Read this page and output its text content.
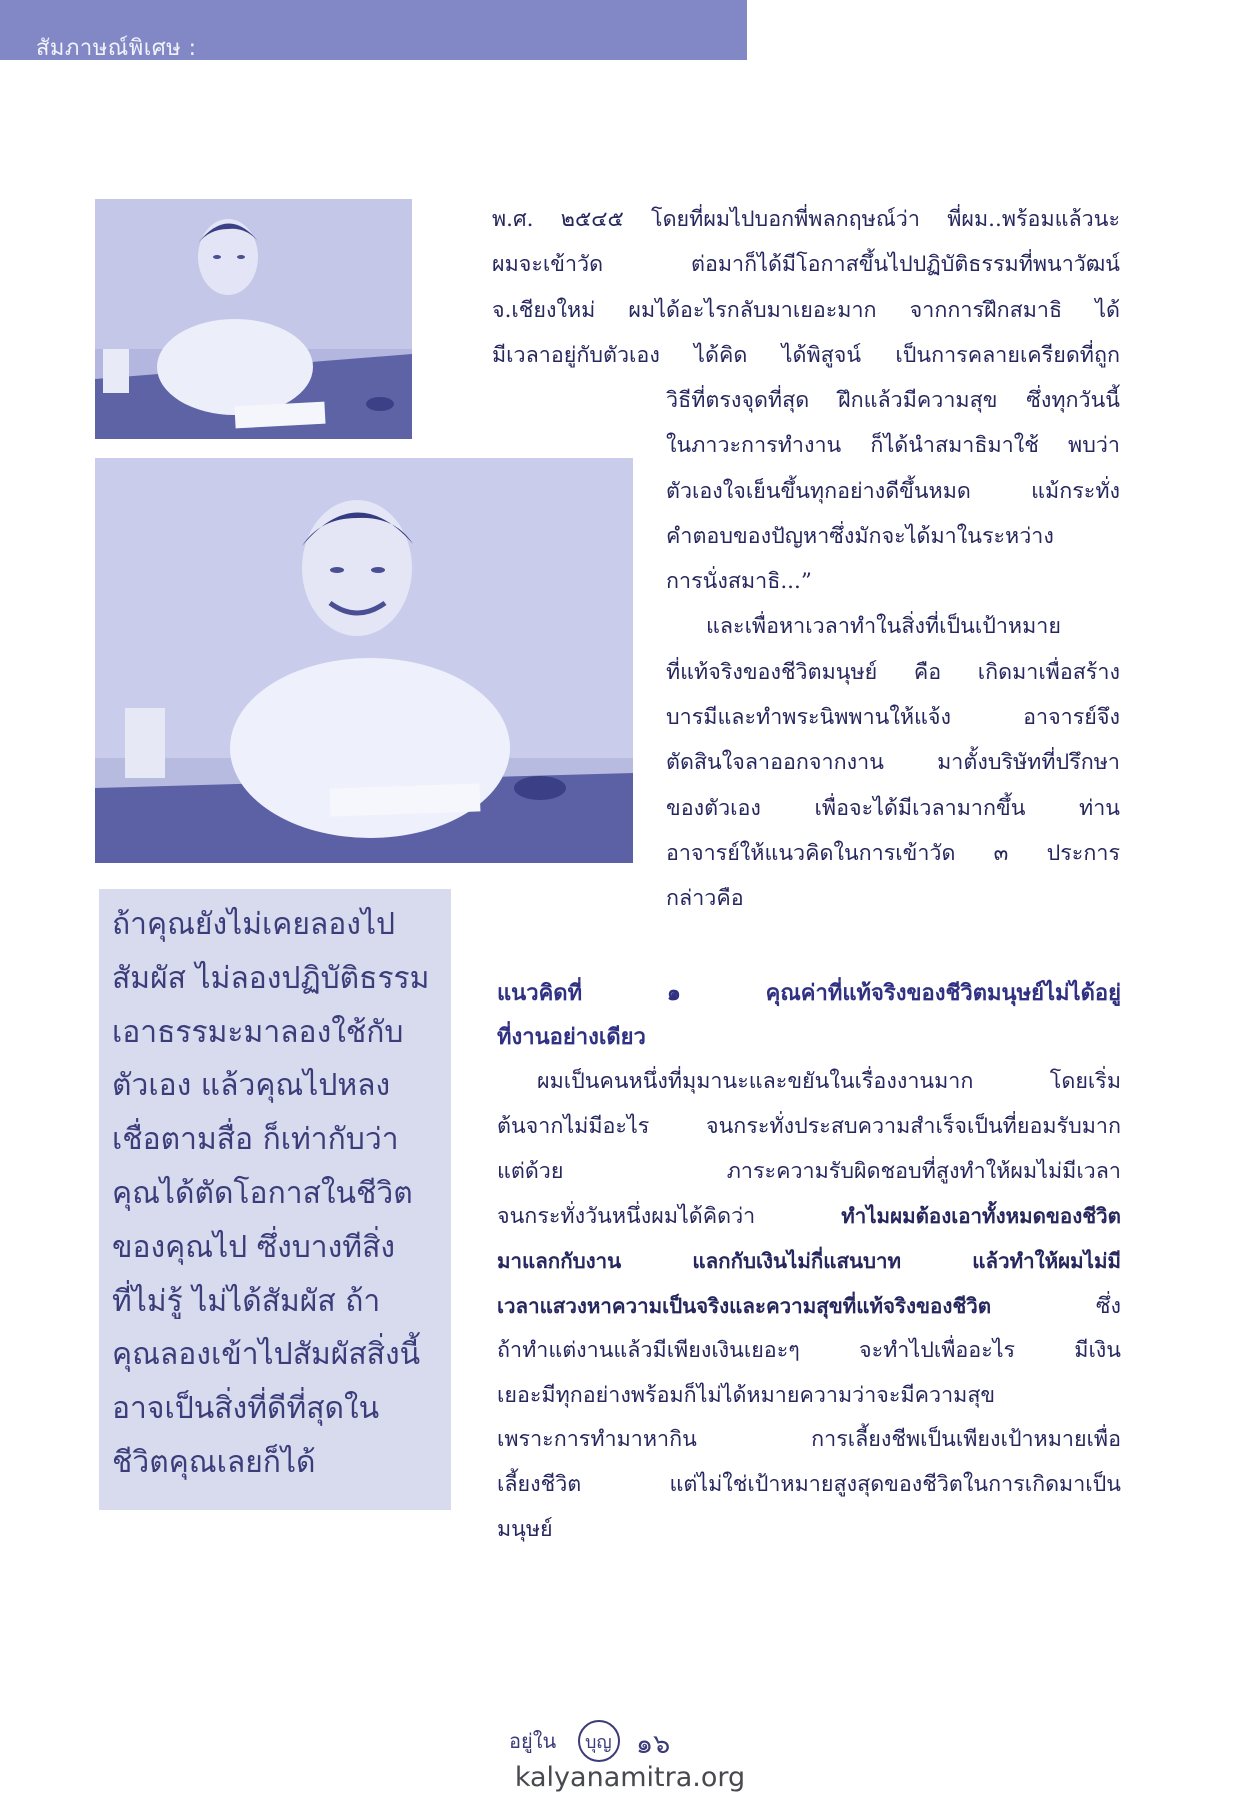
สัมภาษณ์พิเศษ :
ถ้าคุณยังไม่เคยลองไป
สัมผัส ไม่ลองปฏิบัติธรรม
เอาธรรมะมาลองใช้กับ
ตัวเอง แล้วคุณไปหลง
เชื่อตามสื่อ ก็เท่ากับว่า
คุณได้ตัดโอกาสในชีวิต
ของคุณไป ซึ่งบางทีสิ่ง
ที่ไม่รู้ ไม่ได้สัมผัส ถ้า
คุณลองเข้าไปสัมผัสสิ่งนี้
อาจเป็นสิ่งที่ดีที่สุดใน
ชีวิตคุณเลยก็ได้
พ.ศ. ๒๕๔๕ โดยที่ผมไปบอกพี่พลกฤษณ์ว่า พี่ผม..พร้อมแล้วนะ
ผมจะเข้าวัด ต่อมาก็ได้มีโอกาสขึ้นไปปฏิบัติธรรมที่พนาวัฒน์
จ.เชียงใหม่ ผมได้อะไรกลับมาเยอะมาก จากการฝึกสมาธิ ได้
มีเวลาอยู่กับตัวเอง ได้คิด ได้พิสูจน์ เป็นการคลายเครียดที่ถูก
วิธีที่ตรงจุดที่สุด ฝึกแล้วมีความสุข ซึ่งทุกวันนี้
ในภาวะการทำงาน ก็ได้นำสมาธิมาใช้ พบว่า
ตัวเองใจเย็นขึ้นทุกอย่างดีขึ้นหมด แม้กระทั่ง
คำตอบของปัญหาซึ่งมักจะได้มาในระหว่าง
การนั่งสมาธิ...”
และเพื่อหาเวลาทำในสิ่งที่เป็นเป้าหมาย
ที่แท้จริงของชีวิตมนุษย์ คือ เกิดมาเพื่อสร้าง
บารมีและทำพระนิพพานให้แจ้ง อาจารย์จึง
ตัดสินใจลาออกจากงาน มาตั้งบริษัทที่ปรึกษา
ของตัวเอง เพื่อจะได้มีเวลามากขึ้น ท่าน
อาจารย์ให้แนวคิดในการเข้าวัด ๓ ประการ
กล่าวคือ
แนวคิดที่ ๑ คุณค่าที่แท้จริงของชีวิตมนุษย์ไม่ได้อยู่
ที่งานอย่างเดียว
ผมเป็นคนหนึ่งที่มุมานะและขยันในเรื่องงานมาก โดยเริ่ม
ต้นจากไม่มีอะไร จนกระทั่งประสบความสำเร็จเป็นที่ยอมรับมาก
แต่ด้วย ภาระความรับผิดชอบที่สูงทำให้ผมไม่มีเวลา
จนกระทั่งวันหนึ่งผมได้คิดว่า	ทำไมผมต้องเอาทั้งหมดของชีวิต
มาแลกกับงาน แลกกับเงินไม่กี่แสนบาท แล้วทำให้ผมไม่มี
เวลาแสวงหาความเป็นจริงและความสุขที่แท้จริงของชีวิต	ซึ่ง
ถ้าทำแต่งานแล้วมีเพียงเงินเยอะๆ จะทำไปเพื่ออะไร มีเงิน
เยอะมีทุกอย่างพร้อมก็ไม่ได้หมายความว่าจะมีความสุข
เพราะการทำมาหากิน การเลี้ยงชีพเป็นเพียงเป้าหมายเพื่อ
เลี้ยงชีวิต แต่ไม่ใช่เป้าหมายสูงสุดของชีวิตในการเกิดมาเป็น
มนุษย์
อยู่ใน บุญ ๑๖
kalyanamitra.org
